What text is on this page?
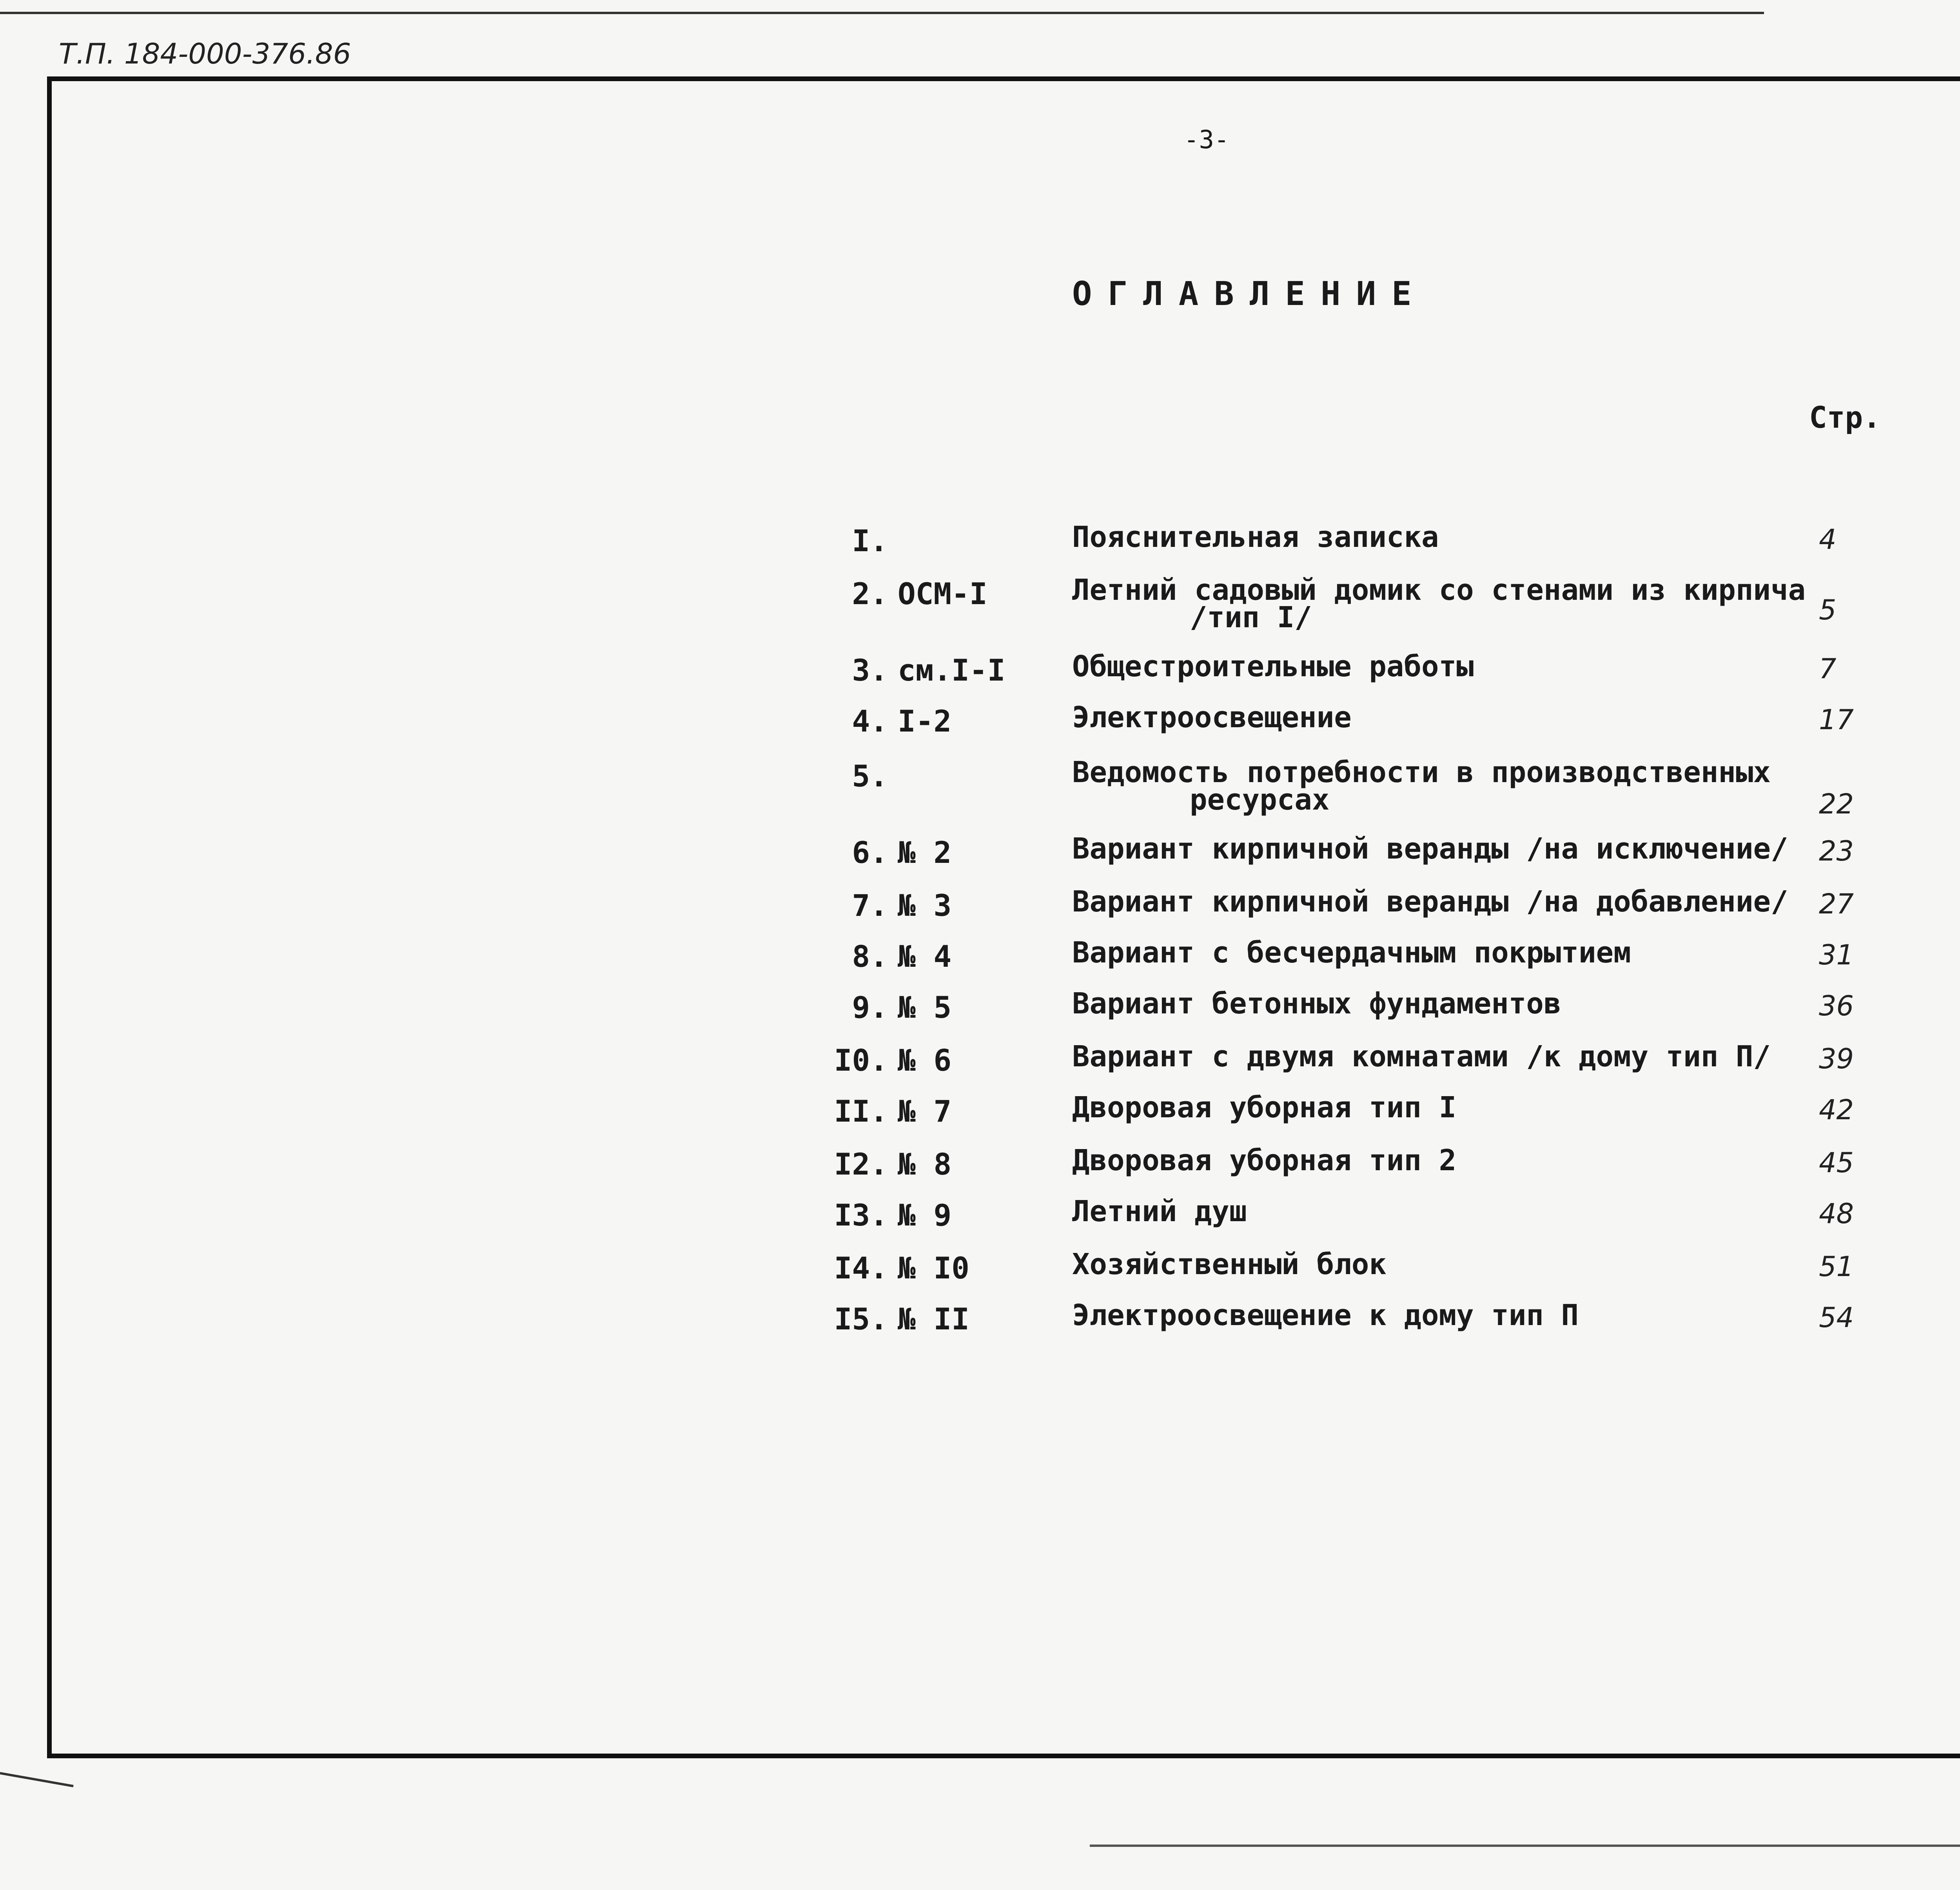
Т.П. 184-000-376.86
-3-
ОГЛАВЛЕНИЕ
Стр.
I.	Пояснительная записка	4
2. ОСМ-I	Летний садовый домик со стенами из кирпича
/тип I/	5
3. см.I-I Общестроительные работы	7
4. I-2	Электроосвещение	17
5.	Ведомость потребности в производственных
ресурсах	22
6. № 2	Вариант кирпичной веранды /на исключение/ 23
7. № 3	Вариант кирпичной веранды /на добавление/ 27
8. № 4	Вариант с бесчердачным покрытием	31
9. № 5	Вариант бетонных фундаментов	36
I0. № 6	Вариант с двумя комнатами /к дому тип П/ 39
II. № 7	Дворовая уборная тип I	42
I2. № 8	Дворовая уборная тип 2	45
I3. № 9	Летний душ	48
I4. № I0	Хозяйственный блок	51
I5. № II	Электроосвещение к дому тип П	54
